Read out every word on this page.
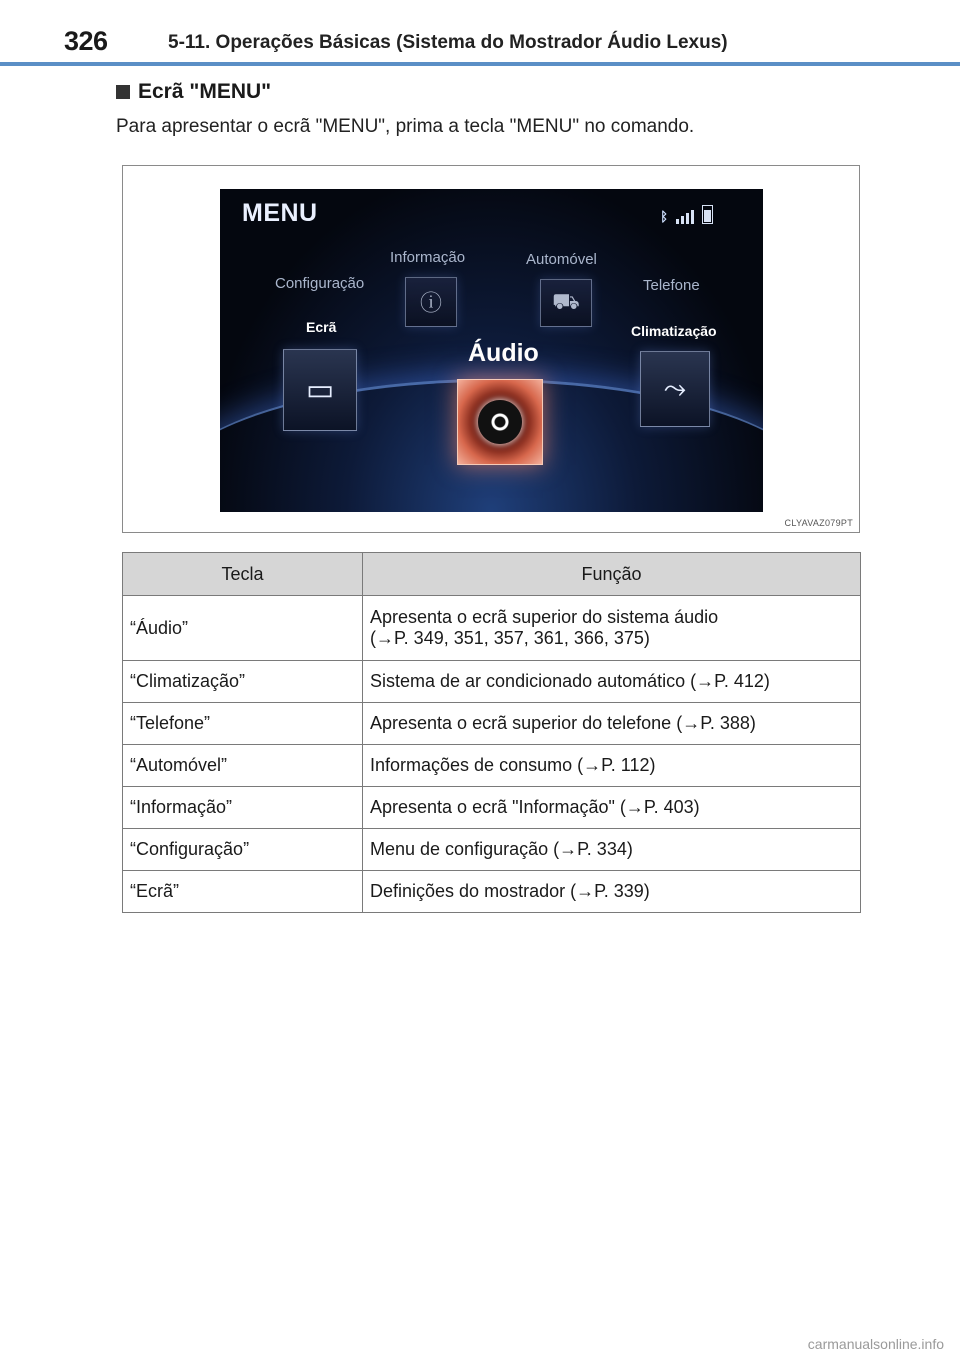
326	5-11. Operações Básicas (Sistema do Mostrador Áudio Lexus)
Ecrã "MENU"
Para apresentar o ecrã "MENU", prima a tecla "MENU" no comando.
MENU	ᛒ
Configuração
Informação	Automóvel
Telefone
Ecrã	Climatização
Áudio
▭
ⓘ	⛟
⤳
CLYAVAZ079PT
Tecla	Função
“Áudio”	Apresenta o ecrã superior do sistema áudio
(→P. 349, 351, 357, 361, 366, 375)

“Climatização”	Sistema de ar condicionado automático (→P. 412)
“Telefone”	Apresenta o ecrã superior do telefone (→P. 388)
“Automóvel”	Informações de consumo (→P. 112)
“Informação”	Apresenta o ecrã "Informação" (→P. 403)
“Configuração”	Menu de configuração (→P. 334)
“Ecrã”	Definições do mostrador (→P. 339)
carmanualsonline.info
